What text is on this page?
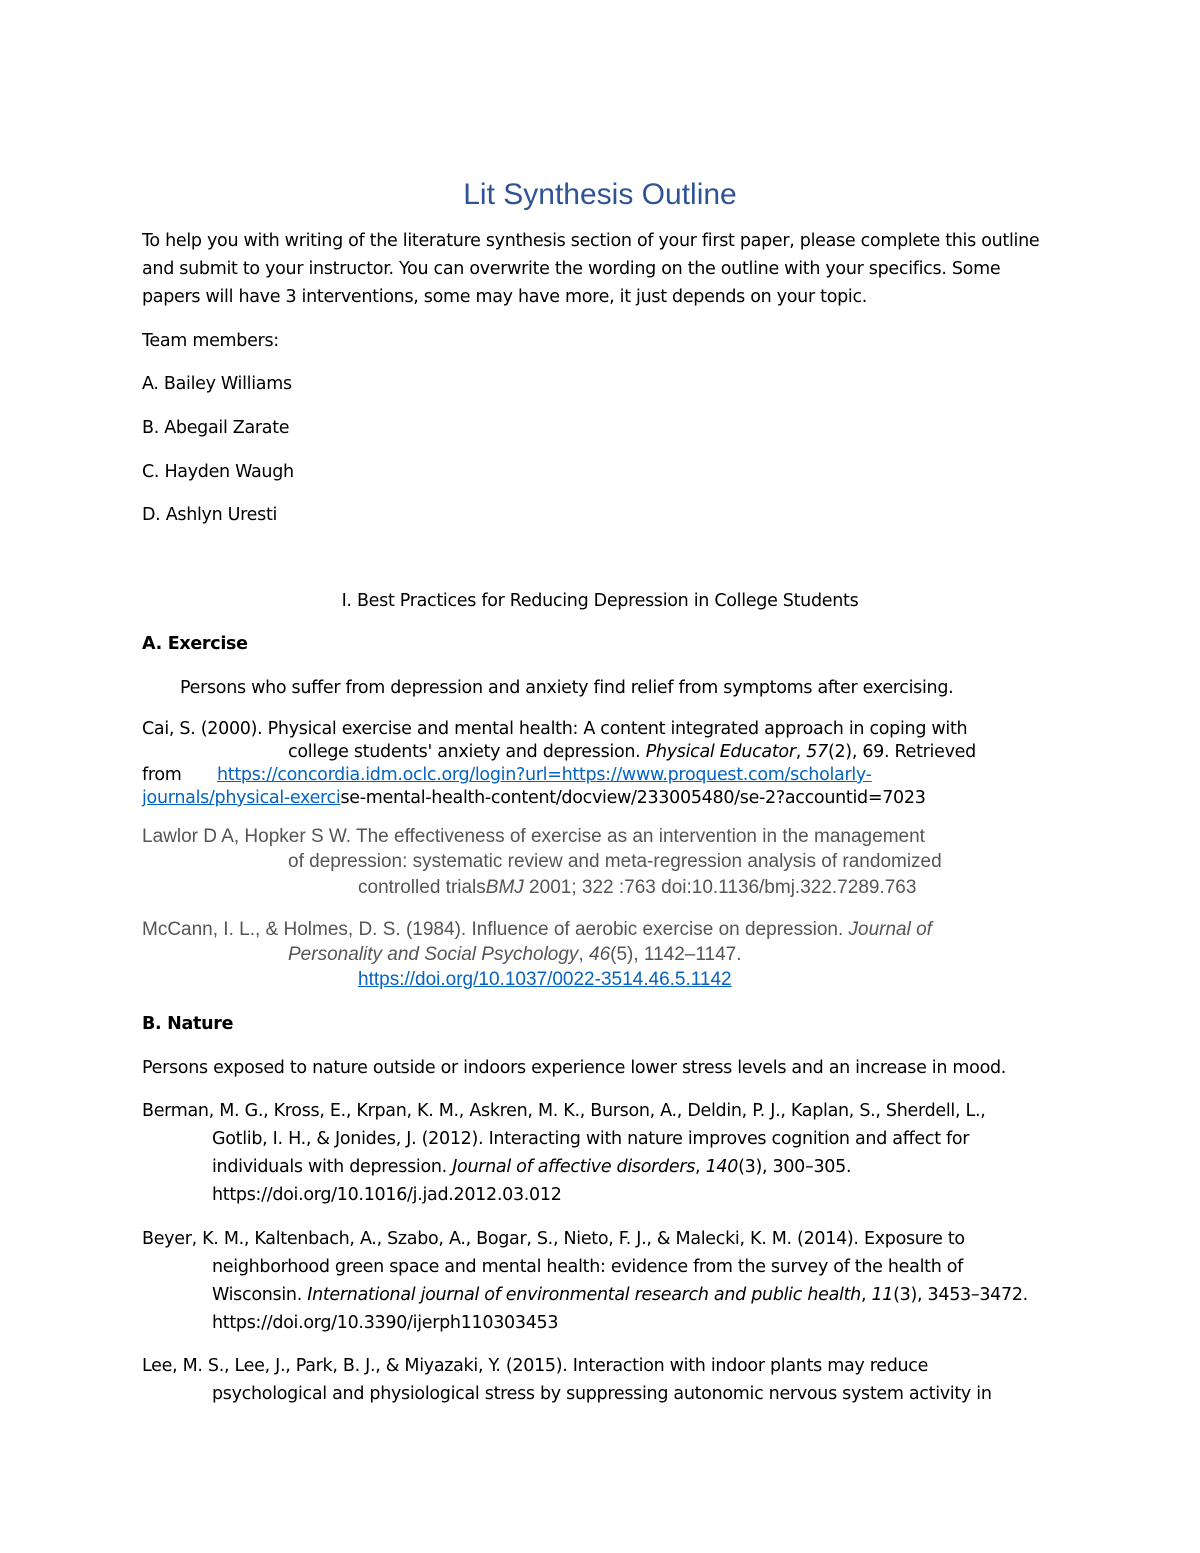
Lit Synthesis Outline
To help you with writing of the literature synthesis section of your first paper, please complete this outline and submit to your instructor. You can overwrite the wording on the outline with your specifics. Some papers will have 3 interventions, some may have more, it just depends on your topic.
Team members:
A. Bailey Williams
B. Abegail Zarate
C. Hayden Waugh
D. Ashlyn Uresti
I. Best Practices for Reducing Depression in College Students
A. Exercise
Persons who suffer from depression and anxiety find relief from symptoms after exercising.
Cai, S. (2000). Physical exercise and mental health: A content integrated approach in coping with
college students' anxiety and depression. Physical Educator, 57(2), 69. Retrieved
from https://concordia.idm.oclc.org/login?url=https://www.proquest.com/scholarly-
journals/physical-exercise-mental-health-content/docview/233005480/se-2?accountid=7023
Lawlor D A, Hopker S W. The effectiveness of exercise as an intervention in the management
of depression: systematic review and meta-regression analysis of randomized
controlled trialsBMJ 2001; 322 :763 doi:10.1136/bmj.322.7289.763
McCann, I. L., & Holmes, D. S. (1984). Influence of aerobic exercise on depression. Journal of
Personality and Social Psychology, 46(5), 1142–1147.
https://doi.org/10.1037/0022-3514.46.5.1142
B. Nature
Persons exposed to nature outside or indoors experience lower stress levels and an increase in mood.
Berman, M. G., Kross, E., Krpan, K. M., Askren, M. K., Burson, A., Deldin, P. J., Kaplan, S., Sherdell, L.,
Gotlib, I. H., & Jonides, J. (2012). Interacting with nature improves cognition and affect for
individuals with depression. Journal of affective disorders, 140(3), 300–305.
https://doi.org/10.1016/j.jad.2012.03.012
Beyer, K. M., Kaltenbach, A., Szabo, A., Bogar, S., Nieto, F. J., & Malecki, K. M. (2014). Exposure to
neighborhood green space and mental health: evidence from the survey of the health of
Wisconsin. International journal of environmental research and public health, 11(3), 3453–3472.
https://doi.org/10.3390/ijerph110303453
Lee, M. S., Lee, J., Park, B. J., & Miyazaki, Y. (2015). Interaction with indoor plants may reduce
psychological and physiological stress by suppressing autonomic nervous system activity in
